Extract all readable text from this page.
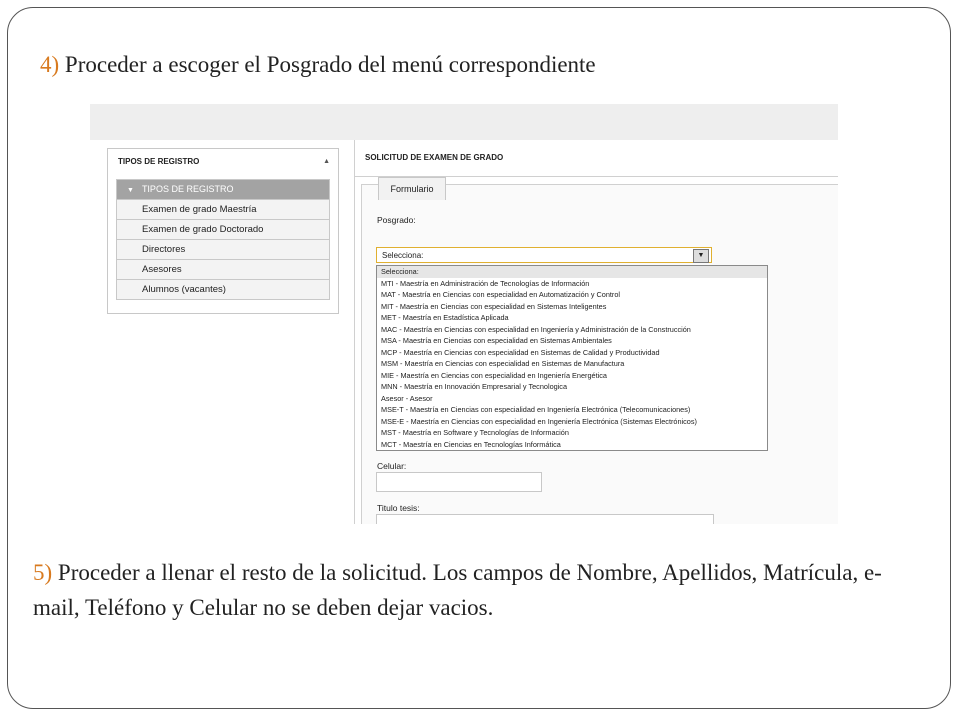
4) Proceder a escoger el Posgrado del menú correspondiente
TIPOS DE REGISTRO	▲
▼ TIPOS DE REGISTRO
Examen de grado Maestría
Examen de grado Doctorado
Directores
Asesores
Alumnos (vacantes)
SOLICITUD DE EXAMEN DE GRADO
Formulario
Posgrado:
Selecciona:	▼
Celular:
Titulo tesis:
Selecciona:
MTI - Maestría en Administración de Tecnologías de Información
MAT - Maestría en Ciencias con especialidad en Automatización y Control
MIT - Maestría en Ciencias con especialidad en Sistemas Inteligentes
MET - Maestría en Estadística Aplicada
MAC - Maestría en Ciencias con especialidad en Ingeniería y Administración de la Construcción
MSA - Maestría en Ciencias con especialidad en Sistemas Ambientales
MCP - Maestría en Ciencias con especialidad en Sistemas de Calidad y Productividad
MSM - Maestría en Ciencias con especialidad en Sistemas de Manufactura
MIE - Maestría en Ciencias con especialidad en Ingeniería Energética
MNN - Maestría en Innovación Empresarial y Tecnologica
Asesor - Asesor
MSE-T - Maestría en Ciencias con especialidad en Ingeniería Electrónica (Telecomunicaciones)
MSE-E - Maestría en Ciencias con especialidad en Ingeniería Electrónica (Sistemas Electrónicos)
MST - Maestría en Software y Tecnologías de Información
MCT - Maestría en Ciencias en Tecnologías Informática
5) Proceder a llenar el resto de la solicitud. Los campos de Nombre, Apellidos, Matrícula, e-mail, Teléfono y Celular no se deben dejar vacios.
